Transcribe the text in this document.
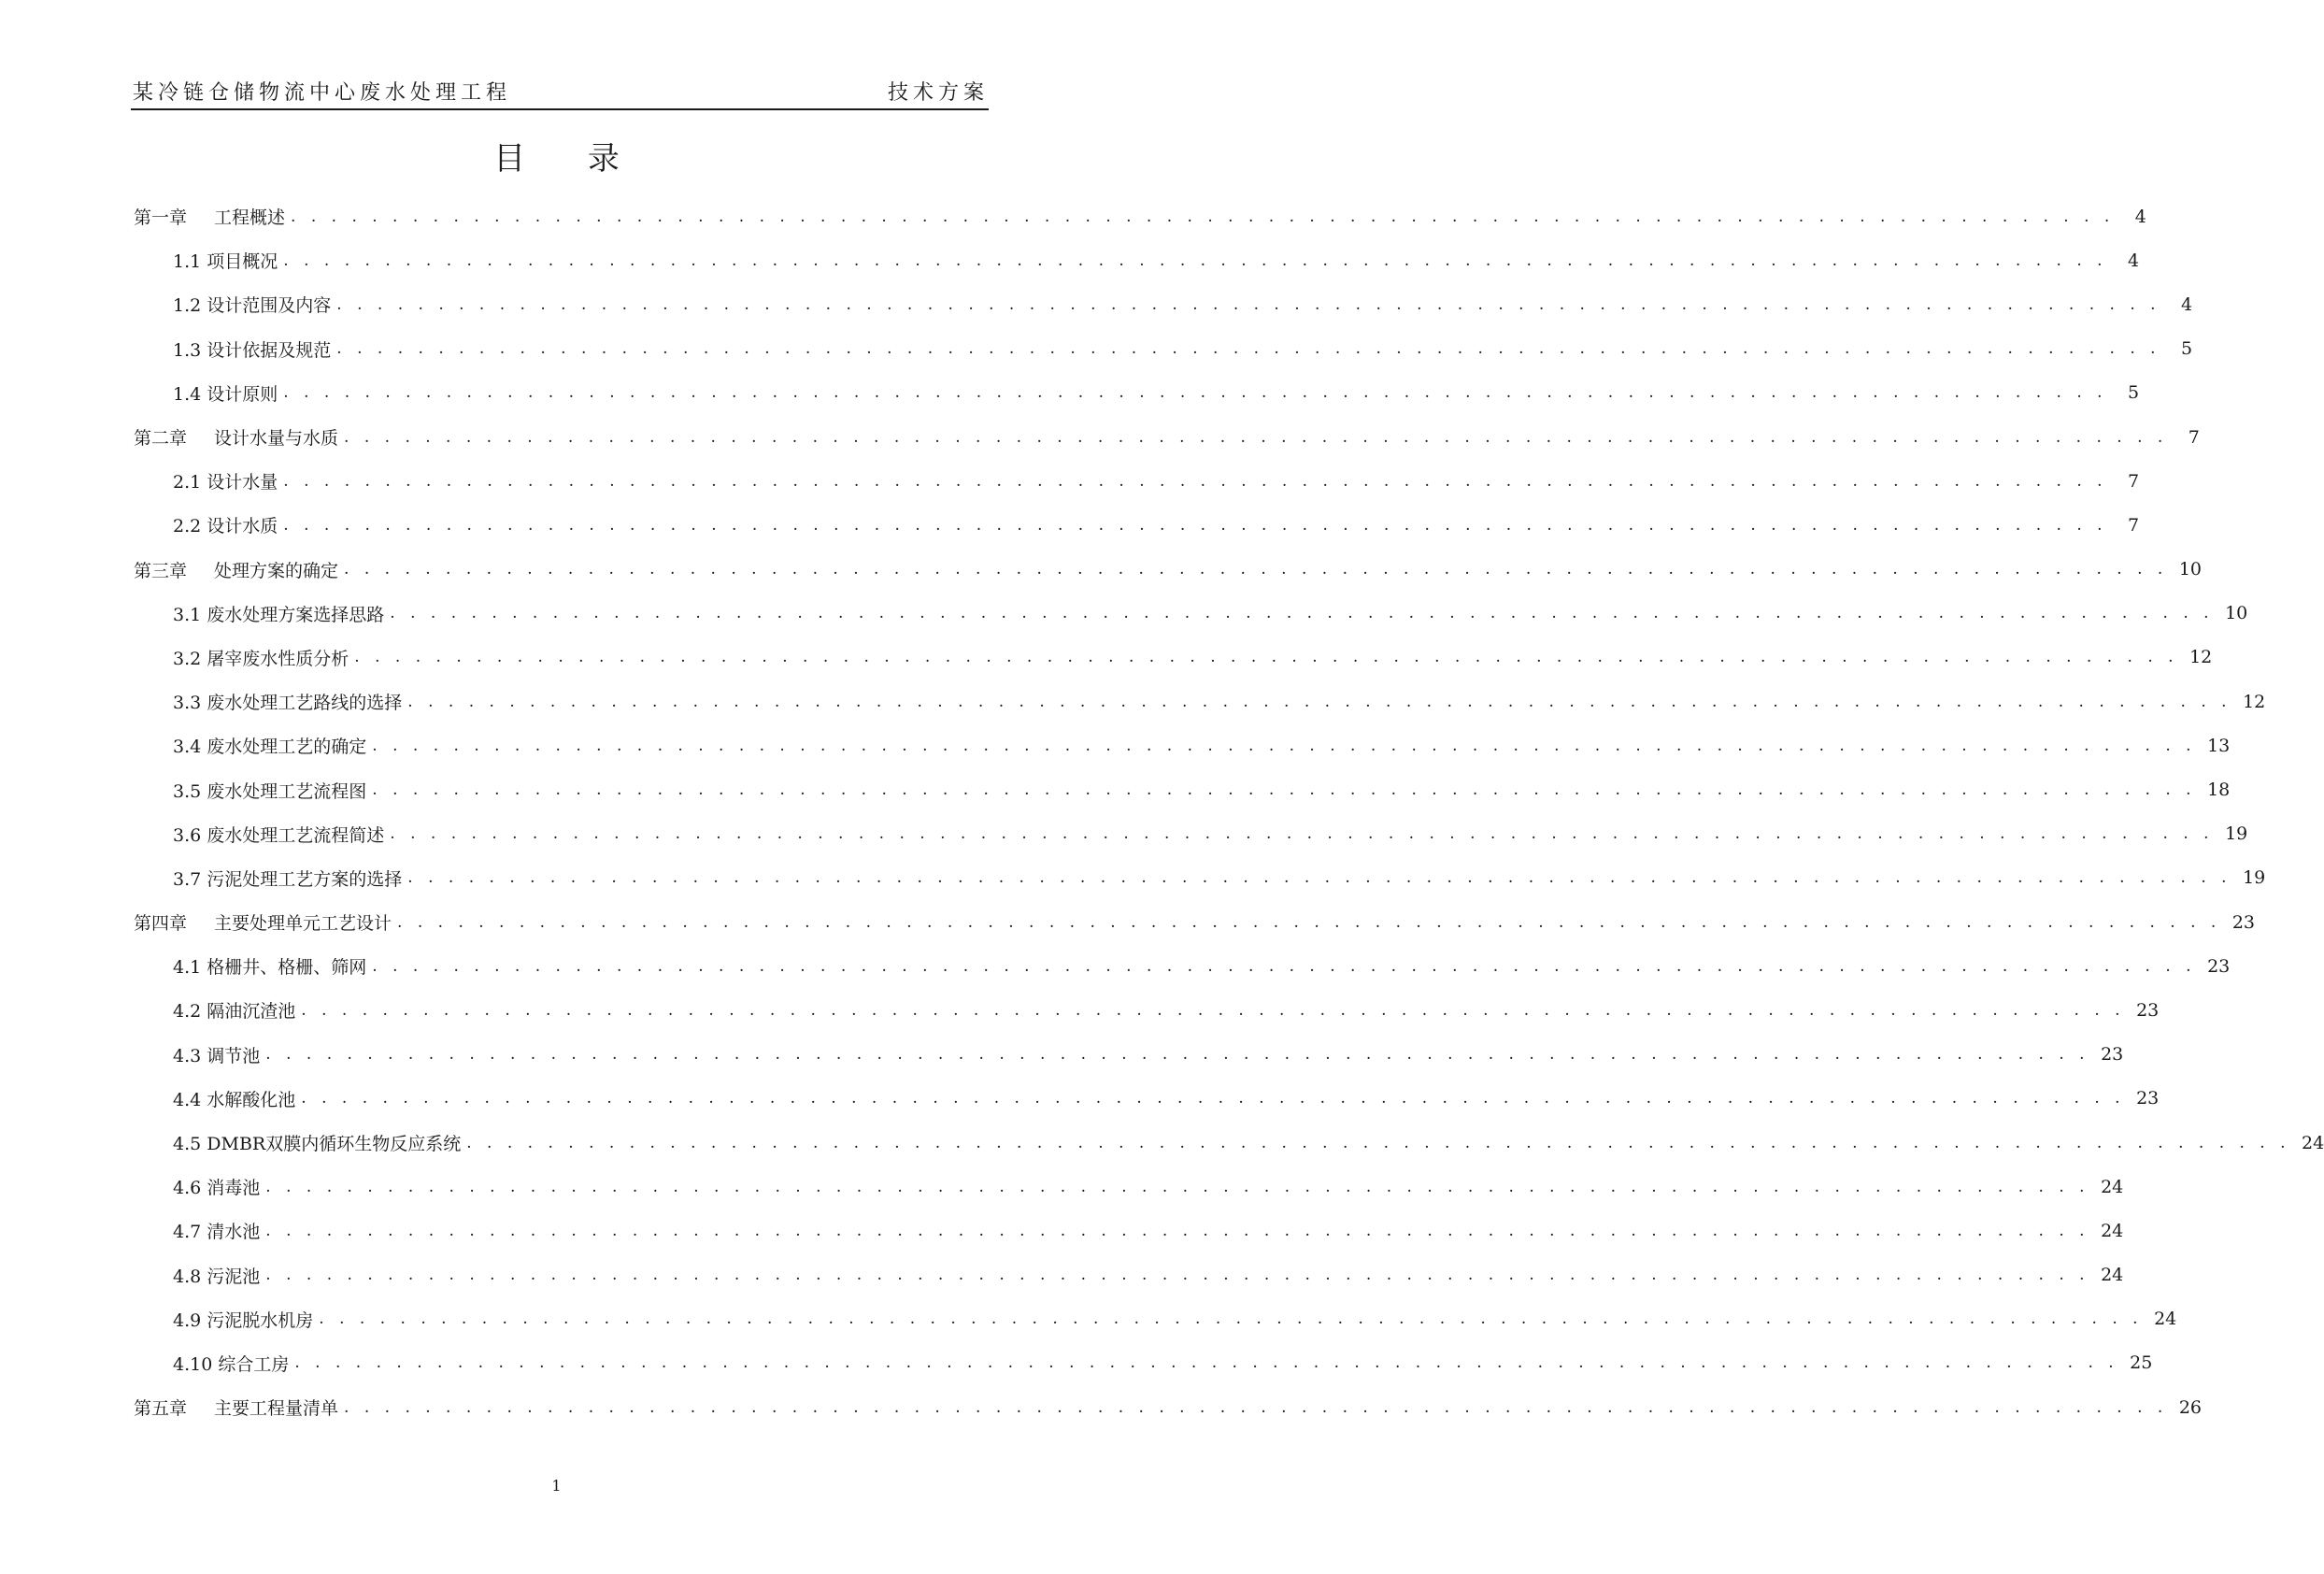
某冷链仓储物流中心废水处理工程	技术方案
目 录
第一章 工程概述 . . . . . . . . . . . . . . . . . . . . . . . . . . . . . . . . . . . . . . . . . . . . . . . . . . . . . . . . . . . . . . . . . . . . . . . . . . . . . . . . . . . . . . . . . .	4
1.1 项目概况 . . . . . . . . . . . . . . . . . . . . . . . . . . . . . . . . . . . . . . . . . . . . . . . . . . . . . . . . . . . . . . . . . . . . . . . . . . . . . . . . . . . . . . . . . .	4
1.2 设计范围及内容 . . . . . . . . . . . . . . . . . . . . . . . . . . . . . . . . . . . . . . . . . . . . . . . . . . . . . . . . . . . . . . . . . . . . . . . . . . . . . . . . . . . . . . . . . .	4
1.3 设计依据及规范 . . . . . . . . . . . . . . . . . . . . . . . . . . . . . . . . . . . . . . . . . . . . . . . . . . . . . . . . . . . . . . . . . . . . . . . . . . . . . . . . . . . . . . . . . .	5
1.4 设计原则 . . . . . . . . . . . . . . . . . . . . . . . . . . . . . . . . . . . . . . . . . . . . . . . . . . . . . . . . . . . . . . . . . . . . . . . . . . . . . . . . . . . . . . . . . .	5
第二章 设计水量与水质 . . . . . . . . . . . . . . . . . . . . . . . . . . . . . . . . . . . . . . . . . . . . . . . . . . . . . . . . . . . . . . . . . . . . . . . . . . . . . . . . . . . . . . . . . .	7
2.1 设计水量 . . . . . . . . . . . . . . . . . . . . . . . . . . . . . . . . . . . . . . . . . . . . . . . . . . . . . . . . . . . . . . . . . . . . . . . . . . . . . . . . . . . . . . . . . .	7
2.2 设计水质 . . . . . . . . . . . . . . . . . . . . . . . . . . . . . . . . . . . . . . . . . . . . . . . . . . . . . . . . . . . . . . . . . . . . . . . . . . . . . . . . . . . . . . . . . .	7
第三章 处理方案的确定 . . . . . . . . . . . . . . . . . . . . . . . . . . . . . . . . . . . . . . . . . . . . . . . . . . . . . . . . . . . . . . . . . . . . . . . . . . . . . . . . . . . . . . . . . . 10
3.1 废水处理方案选择思路 . . . . . . . . . . . . . . . . . . . . . . . . . . . . . . . . . . . . . . . . . . . . . . . . . . . . . . . . . . . . . . . . . . . . . . . . . . . . . . . . . . . . . . . . . . 10
3.2 屠宰废水性质分析 . . . . . . . . . . . . . . . . . . . . . . . . . . . . . . . . . . . . . . . . . . . . . . . . . . . . . . . . . . . . . . . . . . . . . . . . . . . . . . . . . . . . . . . . . . 12
3.3 废水处理工艺路线的选择 . . . . . . . . . . . . . . . . . . . . . . . . . . . . . . . . . . . . . . . . . . . . . . . . . . . . . . . . . . . . . . . . . . . . . . . . . . . . . . . . . . . . . . . . . . 12
3.4 废水处理工艺的确定 . . . . . . . . . . . . . . . . . . . . . . . . . . . . . . . . . . . . . . . . . . . . . . . . . . . . . . . . . . . . . . . . . . . . . . . . . . . . . . . . . . . . . . . . . . 13
3.5 废水处理工艺流程图 . . . . . . . . . . . . . . . . . . . . . . . . . . . . . . . . . . . . . . . . . . . . . . . . . . . . . . . . . . . . . . . . . . . . . . . . . . . . . . . . . . . . . . . . . . 18
3.6 废水处理工艺流程简述 . . . . . . . . . . . . . . . . . . . . . . . . . . . . . . . . . . . . . . . . . . . . . . . . . . . . . . . . . . . . . . . . . . . . . . . . . . . . . . . . . . . . . . . . . . 19
3.7 污泥处理工艺方案的选择 . . . . . . . . . . . . . . . . . . . . . . . . . . . . . . . . . . . . . . . . . . . . . . . . . . . . . . . . . . . . . . . . . . . . . . . . . . . . . . . . . . . . . . . . . . 19
第四章 主要处理单元工艺设计 . . . . . . . . . . . . . . . . . . . . . . . . . . . . . . . . . . . . . . . . . . . . . . . . . . . . . . . . . . . . . . . . . . . . . . . . . . . . . . . . . . . . . . . . . . 23
4.1 格栅井、格栅、筛网 . . . . . . . . . . . . . . . . . . . . . . . . . . . . . . . . . . . . . . . . . . . . . . . . . . . . . . . . . . . . . . . . . . . . . . . . . . . . . . . . . . . . . . . . . . 23
4.2 隔油沉渣池 . . . . . . . . . . . . . . . . . . . . . . . . . . . . . . . . . . . . . . . . . . . . . . . . . . . . . . . . . . . . . . . . . . . . . . . . . . . . . . . . . . . . . . . . . . 23
4.3 调节池 . . . . . . . . . . . . . . . . . . . . . . . . . . . . . . . . . . . . . . . . . . . . . . . . . . . . . . . . . . . . . . . . . . . . . . . . . . . . . . . . . . . . . . . . . . 23
4.4 水解酸化池 . . . . . . . . . . . . . . . . . . . . . . . . . . . . . . . . . . . . . . . . . . . . . . . . . . . . . . . . . . . . . . . . . . . . . . . . . . . . . . . . . . . . . . . . . . 23
4.5 DMBR双膜内循环生物反应系统 . . . . . . . . . . . . . . . . . . . . . . . . . . . . . . . . . . . . . . . . . . . . . . . . . . . . . . . . . . . . . . . . . . . . . . . . . . . . . . . . . . . . . . . . . . 24
4.6 消毒池 . . . . . . . . . . . . . . . . . . . . . . . . . . . . . . . . . . . . . . . . . . . . . . . . . . . . . . . . . . . . . . . . . . . . . . . . . . . . . . . . . . . . . . . . . . 24
4.7 清水池 . . . . . . . . . . . . . . . . . . . . . . . . . . . . . . . . . . . . . . . . . . . . . . . . . . . . . . . . . . . . . . . . . . . . . . . . . . . . . . . . . . . . . . . . . . 24
4.8 污泥池 . . . . . . . . . . . . . . . . . . . . . . . . . . . . . . . . . . . . . . . . . . . . . . . . . . . . . . . . . . . . . . . . . . . . . . . . . . . . . . . . . . . . . . . . . . 24
4.9 污泥脱水机房 . . . . . . . . . . . . . . . . . . . . . . . . . . . . . . . . . . . . . . . . . . . . . . . . . . . . . . . . . . . . . . . . . . . . . . . . . . . . . . . . . . . . . . . . . . 24
4.10 综合工房 . . . . . . . . . . . . . . . . . . . . . . . . . . . . . . . . . . . . . . . . . . . . . . . . . . . . . . . . . . . . . . . . . . . . . . . . . . . . . . . . . . . . . . . . . . 25
第五章 主要工程量清单 . . . . . . . . . . . . . . . . . . . . . . . . . . . . . . . . . . . . . . . . . . . . . . . . . . . . . . . . . . . . . . . . . . . . . . . . . . . . . . . . . . . . . . . . . . 26
1
